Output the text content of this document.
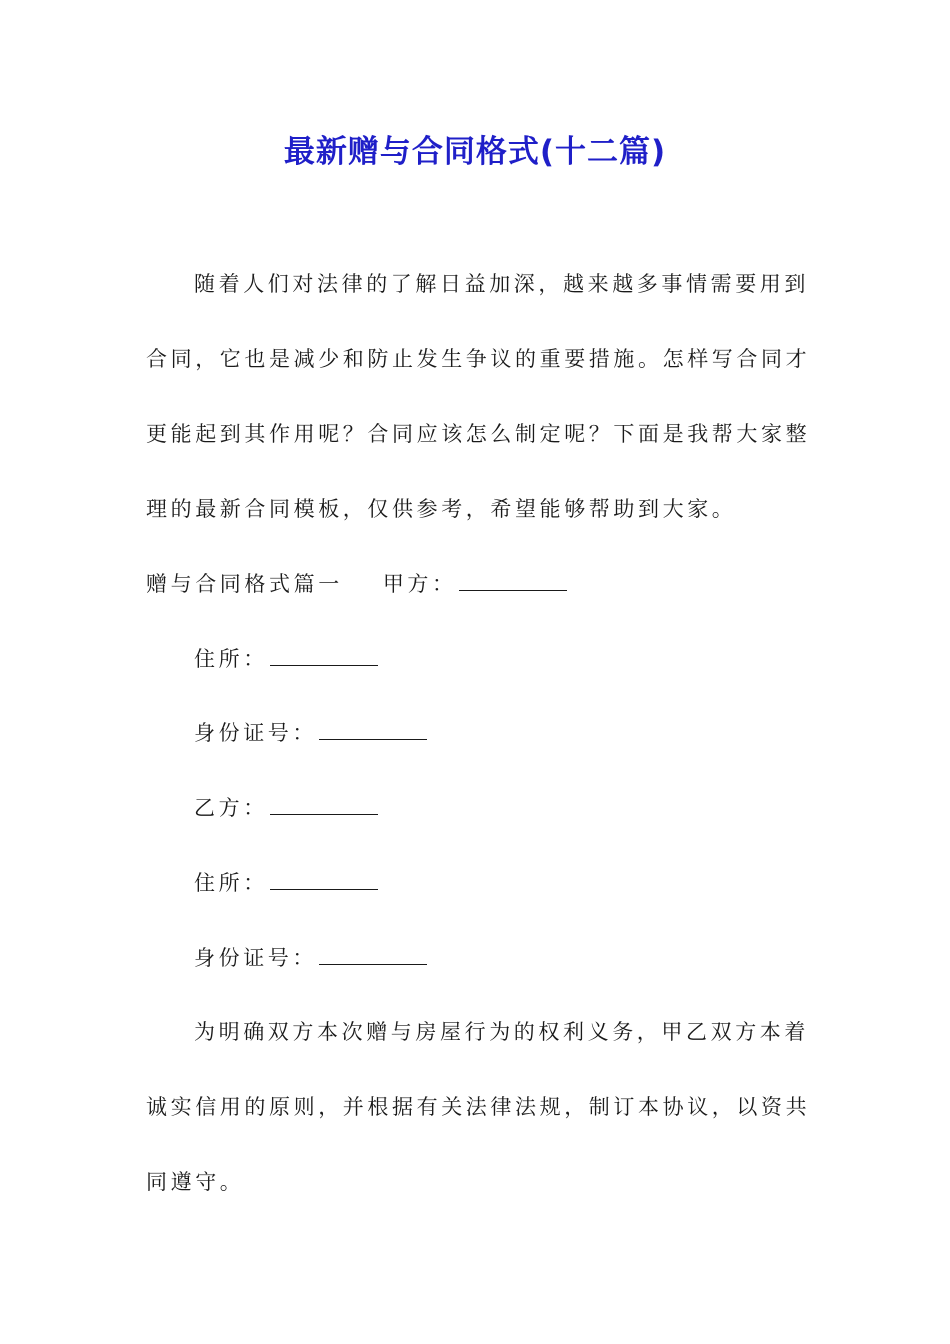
最新赠与合同格式(十二篇)
随着人们对法律的了解日益加深，越来越多事情需要用到
合同，它也是减少和防止发生争议的重要措施。怎样写合同才
更能起到其作用呢？合同应该怎么制定呢？下面是我帮大家整
理的最新合同模板，仅供参考，希望能够帮助到大家。
赠与合同格式篇一 甲方：
住所：
身份证号：
乙方：
住所：
身份证号：
为明确双方本次赠与房屋行为的权利义务，甲乙双方本着
诚实信用的原则，并根据有关法律法规，制订本协议，以资共
同遵守。
